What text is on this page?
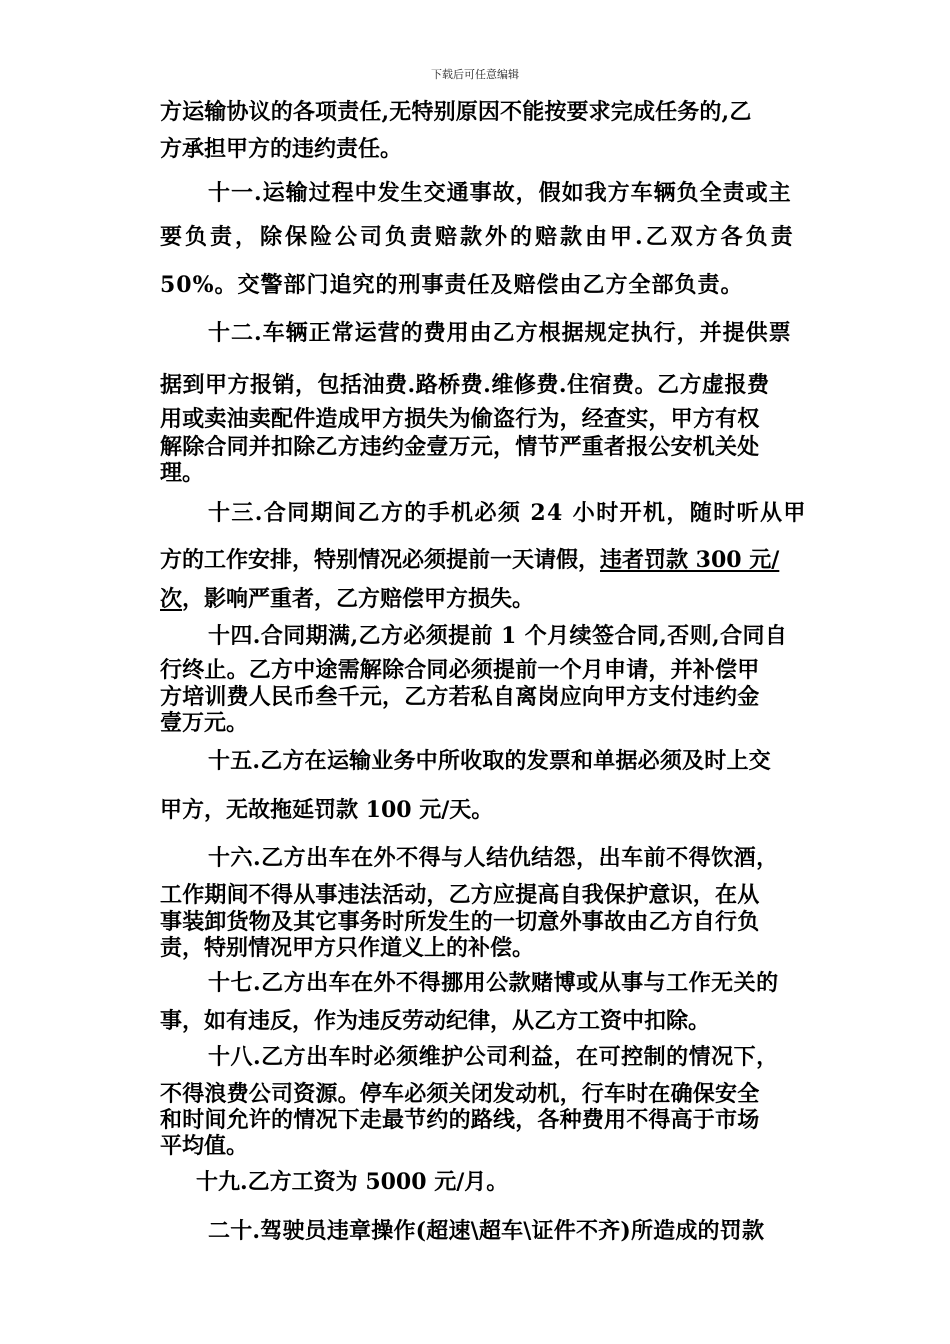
下载后可任意编辑
方运输协议的各项责任,无特别原因不能按要求完成任务的,乙
方承担甲方的违约责任。
十一.运输过程中发生交通事故，假如我方车辆负全责或主
要负责，除保险公司负责赔款外的赔款由甲.乙双方各负责
50%。交警部门追究的刑事责任及赔偿由乙方全部负责。
十二.车辆正常运营的费用由乙方根据规定执行，并提供票
据到甲方报销，包括油费.路桥费.维修费.住宿费。乙方虚报费
用或卖油卖配件造成甲方损失为偷盗行为，经查实，甲方有权
解除合同并扣除乙方违约金壹万元，情节严重者报公安机关处
理。
十三.合同期间乙方的手机必须 24 小时开机，随时听从甲
方的工作安排，特别情况必须提前一天请假，违者罚款 300 元/
次，影响严重者，乙方赔偿甲方损失。
十四.合同期满,乙方必须提前 1 个月续签合同,否则,合同自
行终止。乙方中途需解除合同必须提前一个月申请，并补偿甲
方培训费人民币叁千元，乙方若私自离岗应向甲方支付违约金
壹万元。
十五.乙方在运输业务中所收取的发票和单据必须及时上交
甲方，无故拖延罚款 100 元/天。
十六.乙方出车在外不得与人结仇结怨，出车前不得饮酒，
工作期间不得从事违法活动，乙方应提高自我保护意识，在从
事装卸货物及其它事务时所发生的一切意外事故由乙方自行负
责，特别情况甲方只作道义上的补偿。
十七.乙方出车在外不得挪用公款赌博或从事与工作无关的
事，如有违反，作为违反劳动纪律，从乙方工资中扣除。
十八.乙方出车时必须维护公司利益，在可控制的情况下，
不得浪费公司资源。停车必须关闭发动机，行车时在确保安全
和时间允许的情况下走最节约的路线，各种费用不得高于市场
平均值。
十九.乙方工资为 5000 元/月。
二十.驾驶员违章操作(超速\超车\证件不齐)所造成的罚款
